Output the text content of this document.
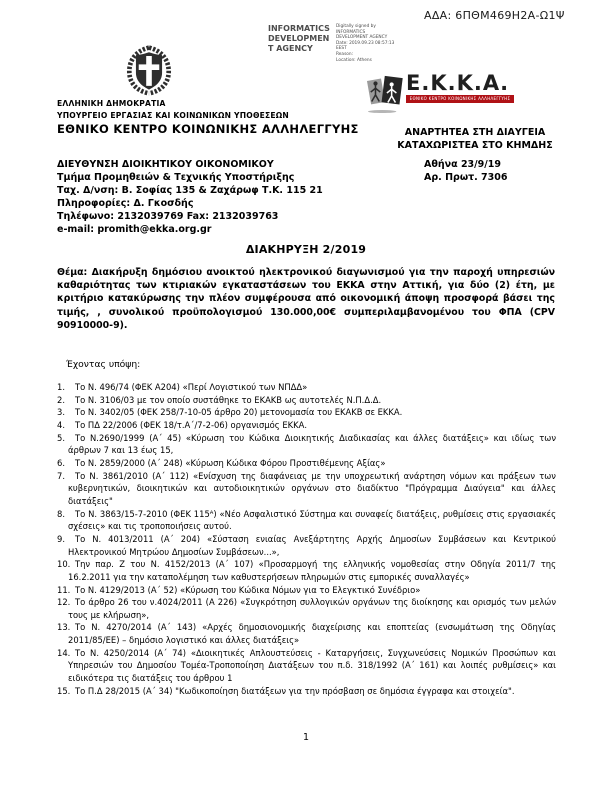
ΑΔΑ: 6ΠΘΜ469Η2Α-Ω1Ψ
INFORMATICS DEVELOPMENT AGENCY
Digitally signed by
INFORMATICS
DEVELOPMENT AGENCY
Date: 2019.09.23 08:57:13
EEST
Reason:
Location: Athens
ΕΛΛΗΝΙΚΗ ΔΗΜΟΚΡΑΤΙΑ
ΥΠΟΥΡΓΕΙΟ ΕΡΓΑΣΙΑΣ ΚΑΙ ΚΟΙΝΩΝΙΚΩΝ ΥΠΟΘΕΣΕΩΝ
ΕΘΝΙΚΟ ΚΕΝΤΡΟ ΚΟΙΝΩΝΙΚΗΣ ΑΛΛΗΛΕΓΓΥΗΣ
Ε.Κ.Κ.Α.
ΕΘΝΙΚΟ ΚΕΝΤΡΟ ΚΟΙΝΩΝΙΚΗΣ ΑΛΛΗΛΕΓΓΥΗΣ
ΑΝΑΡΤΗΤΕΑ ΣΤΗ ΔΙΑΥΓΕΙΑ
ΚΑΤΑΧΩΡΙΣΤΕΑ ΣΤΟ ΚΗΜΔΗΣ
ΔΙΕΥΘΥΝΣΗ ΔΙΟΙΚΗΤΙΚΟΥ ΟΙΚΟΝΟΜΙΚΟΥ
Τμήμα Προμηθειών & Τεχνικής Υποστήριξης
Ταχ. Δ/νση: Β. Σοφίας 135 & Ζαχάρωφ Τ.Κ. 115 21
Πληροφορίες: Δ. Γκοσδής
Τηλέφωνο: 2132039769 Fax: 2132039763
e-mail: promith@ekka.org.gr
Αθήνα 23/9/19
Αρ. Πρωτ. 7306
ΔΙΑΚΗΡΥΞΗ 2/2019
Θέμα: Διακήρυξη δημόσιου ανοικτού ηλεκτρονικού διαγωνισμού για την παροχή υπηρεσιών καθαριότητας των κτιριακών εγκαταστάσεων του ΕΚΚΑ στην Αττική, για δύο (2) έτη, με κριτήριο κατακύρωσης την πλέον συμφέρουσα από οικονομική άποψη προσφορά βάσει της τιμής, , συνολικού προϋπολογισμού 130.000,00€ συμπεριλαμβανομένου του ΦΠΑ (CPV 90910000-9).
Έχοντας υπόψη:
1. Το Ν. 496/74 (ΦΕΚ Α204) «Περί Λογιστικού των ΝΠΔΔ»
2. Το Ν. 3106/03 με τον οποίο συστάθηκε το ΕΚΑΚΒ ως αυτοτελές Ν.Π.Δ.Δ.
3. Το Ν. 3402/05 (ΦΕΚ 258/7-10-05 άρθρο 20) μετονομασία του ΕΚΑΚΒ σε ΕΚΚΑ.
4. Το ΠΔ 22/2006 (ΦΕΚ 18/τ.Α΄/7-2-06) οργανισμός ΕΚΚΑ.
5. Το Ν.2690/1999 (Α΄ 45) «Κύρωση του Κώδικα Διοικητικής Διαδικασίας και άλλες διατάξεις» και ιδίως των άρθρων 7 και 13 έως 15,
6. Το Ν. 2859/2000 (Α΄ 248) «Κύρωση Κώδικα Φόρου Προστιθέμενης Αξίας»
7. Το Ν. 3861/2010 (Α΄ 112) «Ενίσχυση της διαφάνειας με την υποχρεωτική ανάρτηση νόμων και πράξεων των κυβερνητικών, διοικητικών και αυτοδιοικητικών οργάνων στο διαδίκτυο "Πρόγραμμα Διαύγεια" και άλλες διατάξεις"
8. Το Ν. 3863/15-7-2010 (ΦΕΚ 115ᴬ) «Νέο Ασφαλιστικό Σύστημα και συναφείς διατάξεις, ρυθμίσεις στις εργασιακές σχέσεις» και τις τροποποιήσεις αυτού.
9. Το Ν. 4013/2011 (Α΄ 204) «Σύσταση ενιαίας Ανεξάρτητης Αρχής Δημοσίων Συμβάσεων και Κεντρικού Ηλεκτρονικού Μητρώου Δημοσίων Συμβάσεων...»,
10. Την παρ. Ζ του Ν. 4152/2013 (Α΄ 107) «Προσαρμογή της ελληνικής νομοθεσίας στην Οδηγία 2011/7 της 16.2.2011 για την καταπολέμηση των καθυστερήσεων πληρωμών στις εμπορικές συναλλαγές»
11. Το Ν. 4129/2013 (Α΄ 52) «Κύρωση του Κώδικα Νόμων για το Ελεγκτικό Συνέδριο»
12. Το άρθρο 26 του ν.4024/2011 (Α 226) «Συγκρότηση συλλογικών οργάνων της διοίκησης και ορισμός των μελών τους με κλήρωση»,
13. Το Ν. 4270/2014 (Α΄ 143) «Αρχές δημοσιονομικής διαχείρισης και εποπτείας (ενσωμάτωση της Οδηγίας 2011/85/ΕΕ) – δημόσιο λογιστικό και άλλες διατάξεις»
14. Το Ν. 4250/2014 (Α΄ 74) «Διοικητικές Απλουστεύσεις - Καταργήσεις, Συγχωνεύσεις Νομικών Προσώπων και Υπηρεσιών του Δημοσίου Τομέα-Τροποποίηση Διατάξεων του π.δ. 318/1992 (Α΄ 161) και λοιπές ρυθμίσεις» και ειδικότερα τις διατάξεις του άρθρου 1
15. Το Π.Δ 28/2015 (Α΄ 34) "Κωδικοποίηση διατάξεων για την πρόσβαση σε δημόσια έγγραφα και στοιχεία".
1
